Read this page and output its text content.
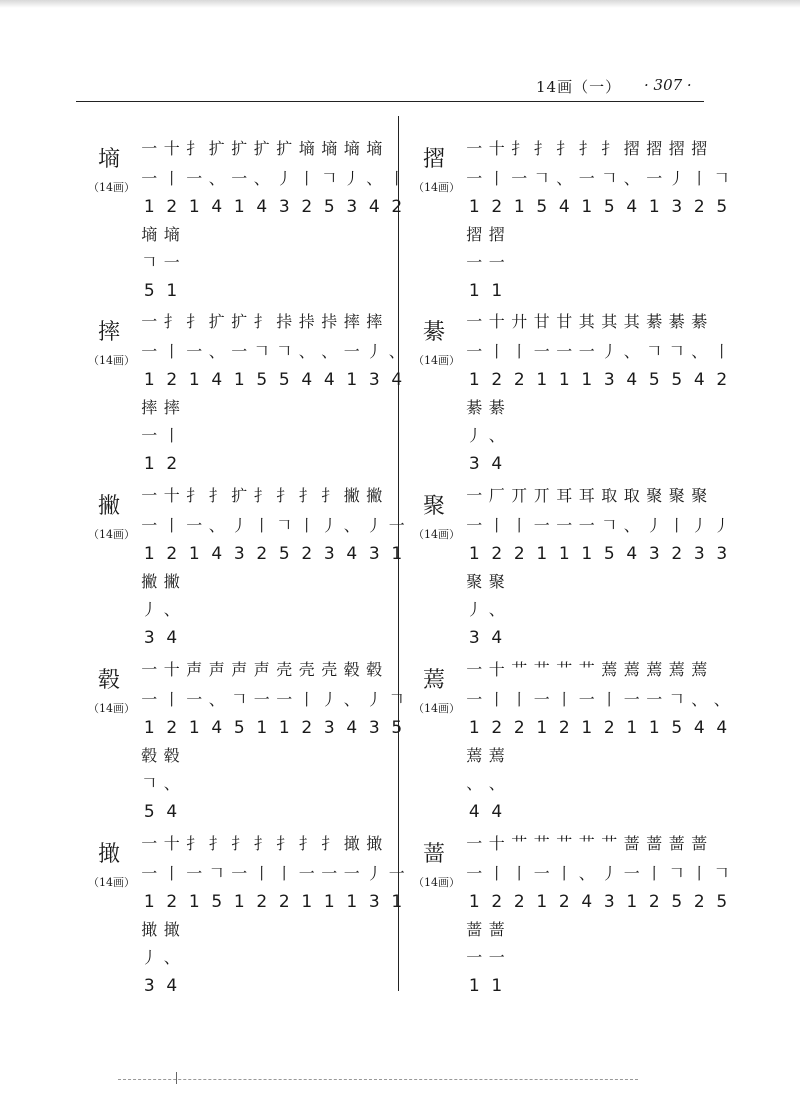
14画（一） · 307 ·
墒
（14画）
一 十 扌 扩 扩 扩 扩 墒 墒 墒 墒
一 丨 一 、 一 、 丿 丨 𠃍 丿 、 丨
1 2 1 4 1 4 3 2 5 3 4 2
墒 墒
𠃍 一
5 1
摔
（14画）
一 扌 扌 扩 扩 扌 挊 挊 挊 摔 摔
一 丨 一 、 一 𠃍 𠃍 、 、 一 丿 、
1 2 1 4 1 5 5 4 4 1 3 4
摔 摔
一 丨
1 2
撇
（14画）
一 十 扌 扌 扩 扌 扌 扌 扌 撇 撇
一 丨 一 、 丿 丨 𠃍 丨 丿 、 丿 一
1 2 1 4 3 2 5 2 3 4 3 1
撇 撇
丿 、
3 4
毂
（14画）
一 十 声 声 声 声 壳 壳 壳 毂 毂
一 丨 一 、 𠃍 一 一 丨 丿 、 丿 𠃍
1 2 1 4 5 1 1 2 3 4 3 5
毂 毂
𠃍 、
5 4
撖
（14画）
一 十 扌 扌 扌 扌 扌 扌 扌 撖 撖
一 丨 一 𠃍 一 丨 丨 一 一 一 丿 一
1 2 1 5 1 2 2 1 1 1 3 1
撖 撖
丿 、
3 4
摺
（14画）
一 十 扌 扌 扌 扌 扌 摺 摺 摺 摺
一 丨 一 𠃍 、 一 𠃍 、 一 丿 丨 𠃍
1 2 1 5 4 1 5 4 1 3 2 5
摺 摺
一 一
1 1
綦
（14画）
一 十 廾 甘 甘 其 其 其 綦 綦 綦
一 丨 丨 一 一 一 丿 、 𠃍 𠃍 、 丨
1 2 2 1 1 1 3 4 5 5 4 2
綦 綦
丿 、
3 4
聚
（14画）
一 厂 丌 丌 耳 耳 取 取 聚 聚 聚
一 丨 丨 一 一 一 𠃍 、 丿 丨 丿 丿
1 2 2 1 1 1 5 4 3 2 3 3
聚 聚
丿 、
3 4
蔫
（14画）
一 十 艹 艹 艹 艹 蔫 蔫 蔫 蔫 蔫
一 丨 丨 一 丨 一 丨 一 一 𠃍 、 、
1 2 2 1 2 1 2 1 1 5 4 4
蔫 蔫
、 、
4 4
蔷
（14画）
一 十 艹 艹 艹 艹 艹 蔷 蔷 蔷 蔷
一 丨 丨 一 丨 、 丿 一 丨 𠃍 丨 𠃍
1 2 2 1 2 4 3 1 2 5 2 5
蔷 蔷
一 一
1 1
